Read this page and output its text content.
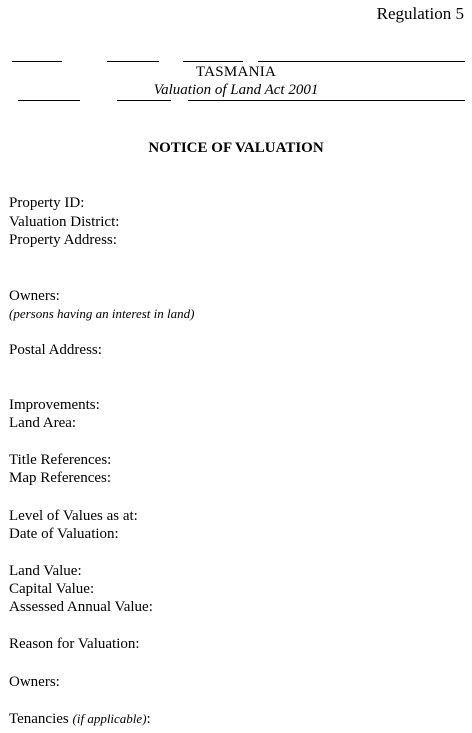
Regulation 5
TASMANIA
Valuation of Land Act 2001
NOTICE OF VALUATION
Property ID:
Valuation District:
Property Address:
Owners:
(persons having an interest in land)
Postal Address:
Improvements:
Land Area:
Title References:
Map References:
Level of Values as at:
Date of Valuation:
Land Value:
Capital Value:
Assessed Annual Value:
Reason for Valuation:
Owners:
Tenancies (if applicable):
